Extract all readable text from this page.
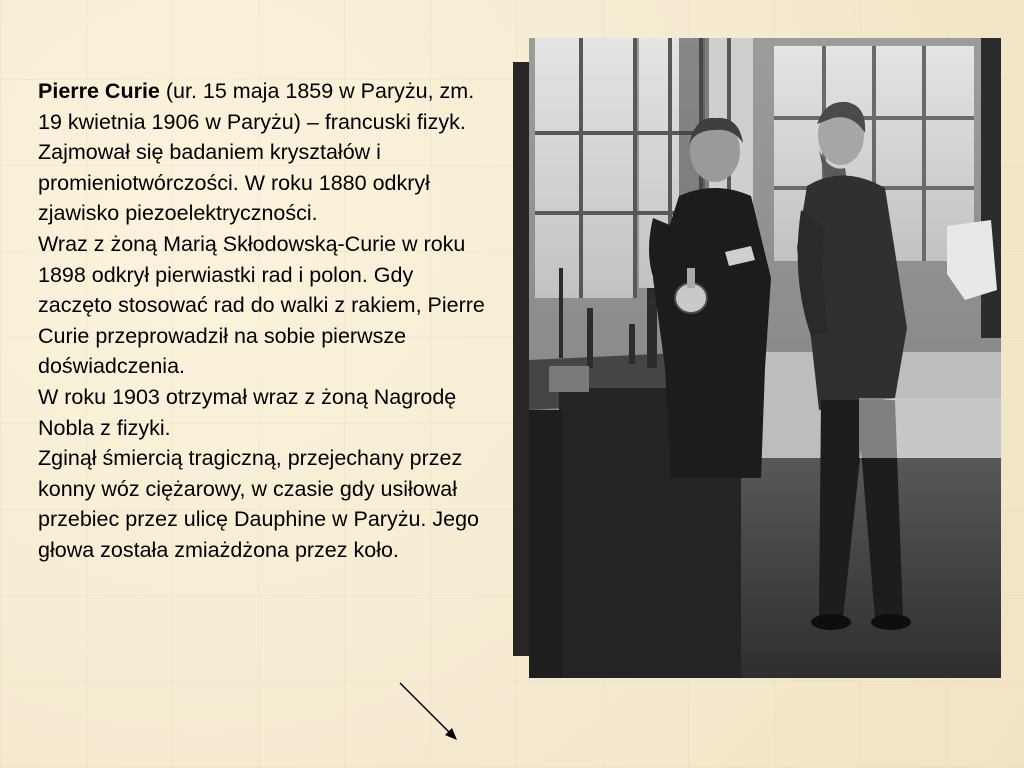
Pierre Curie (ur. 15 maja 1859 w Paryżu, zm. 19 kwietnia 1906 w Paryżu) – francuski fizyk.

Zajmował się badaniem kryształów i promieniotwórczości. W roku 1880 odkrył zjawisko piezoelektryczności.

Wraz z żoną Marią Skłodowską-Curie w roku 1898 odkrył pierwiastki rad i polon. Gdy zaczęto stosować rad do walki z rakiem, Pierre Curie przeprowadził na sobie pierwsze doświadczenia.

W roku 1903 otrzymał wraz z żoną Nagrodę Nobla z fizyki.

Zginął śmiercią tragiczną, przejechany przez konny wóz ciężarowy, w czasie gdy usiłował przebiec przez ulicę Dauphine w Paryżu. Jego głowa została zmiażdżona przez koło.
